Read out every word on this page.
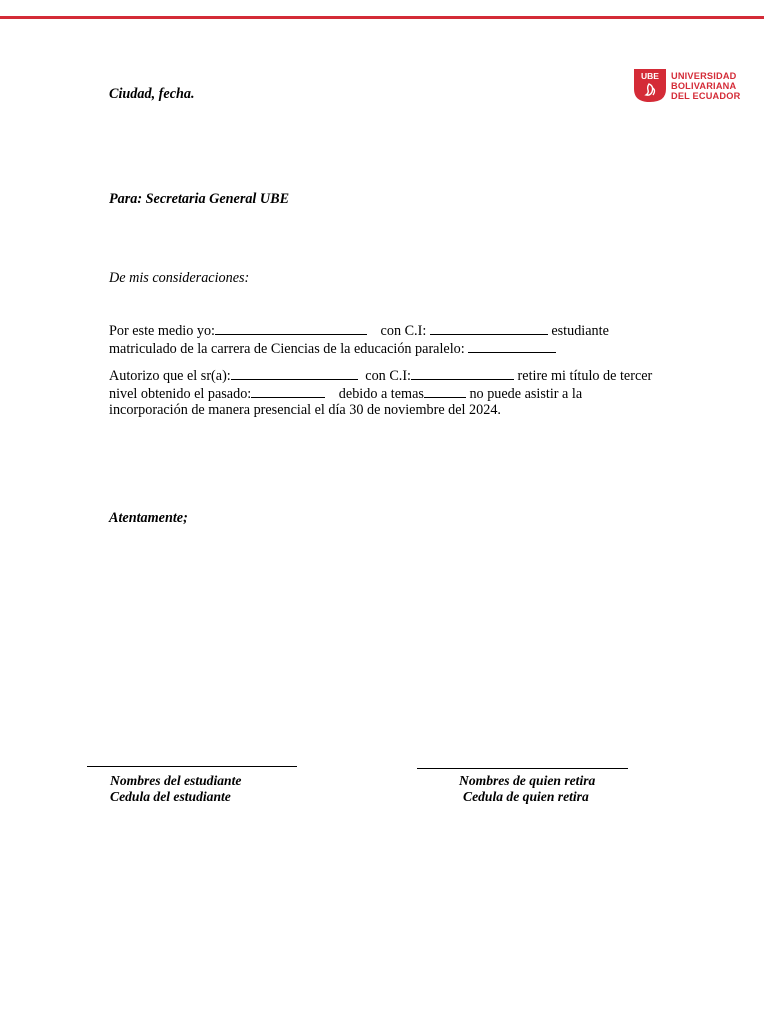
UBE UNIVERSIDAD
BOLIVARIANA
DEL ECUADOR
Ciudad, fecha.
Para: Secretaria General UBE
De mis consideraciones:
Por este medio yo:	con C.I:	estudiante
matriculado de la carrera de Ciencias de la educación paralelo:
Autorizo que el sr(a):	con C.I:	retire mi título de tercer
nivel obtenido el pasado:	debido a temas	no puede asistir a la
incorporación de manera presencial el día 30 de noviembre del 2024.
Atentamente;
Nombres del estudiante
Cedula del estudiante
Nombres de quien retira
Cedula de quien retira
